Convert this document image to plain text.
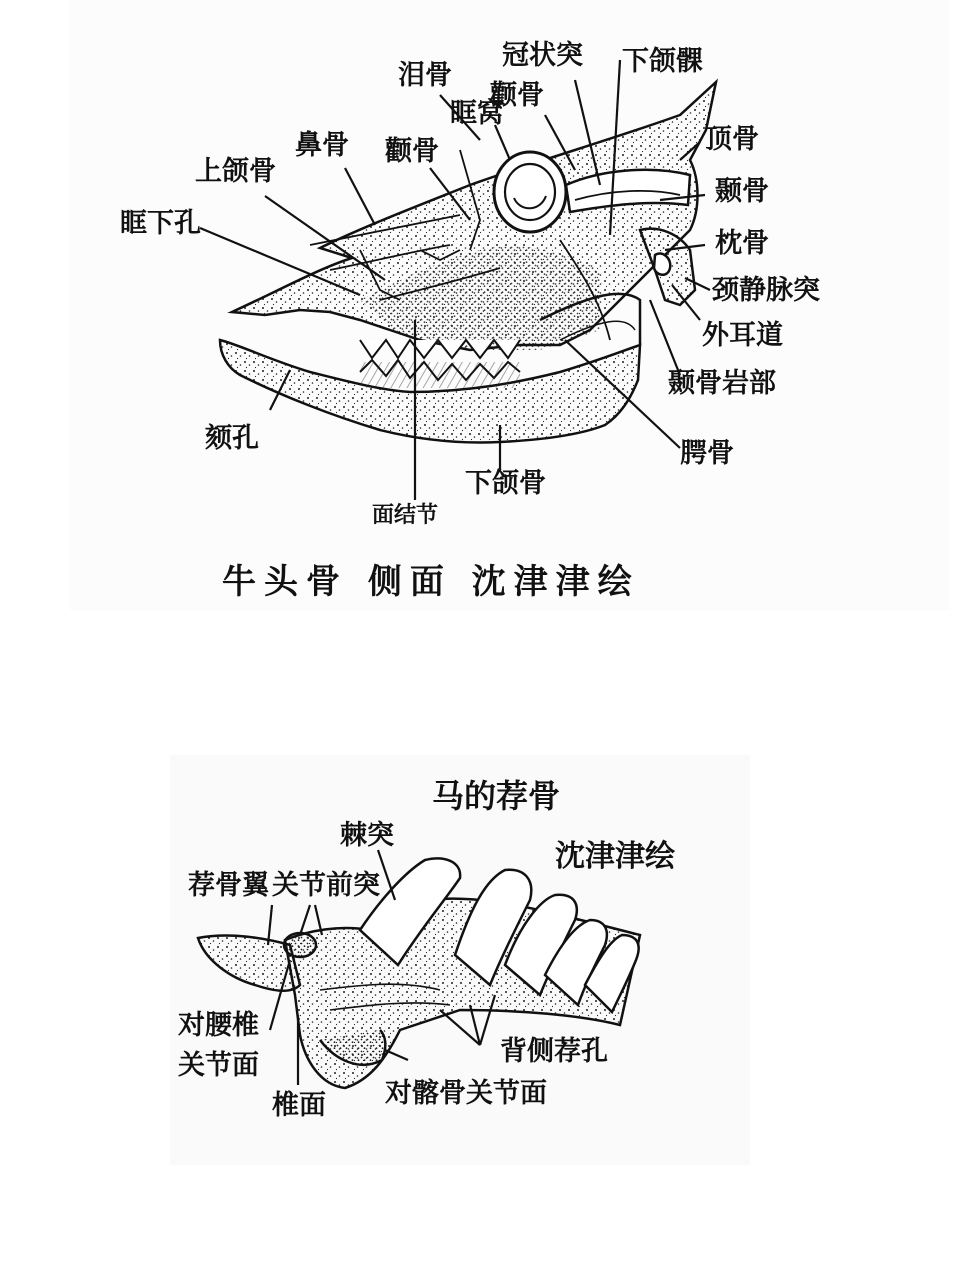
泪骨
冠状突 下颌髁
颧骨
眶窝
鼻骨 颧骨	顶骨
上颌骨
颞骨
眶下孔
枕骨
颈静脉突
外耳道
颞骨岩部
颏孔	腭骨
下颌骨
面结节
牛头骨 侧面 沈津津绘
马的荐骨
沈津津绘
棘突
荐骨翼 关节前突
对腰椎
关节面
椎面 对髂骨关节面
背侧荐孔
